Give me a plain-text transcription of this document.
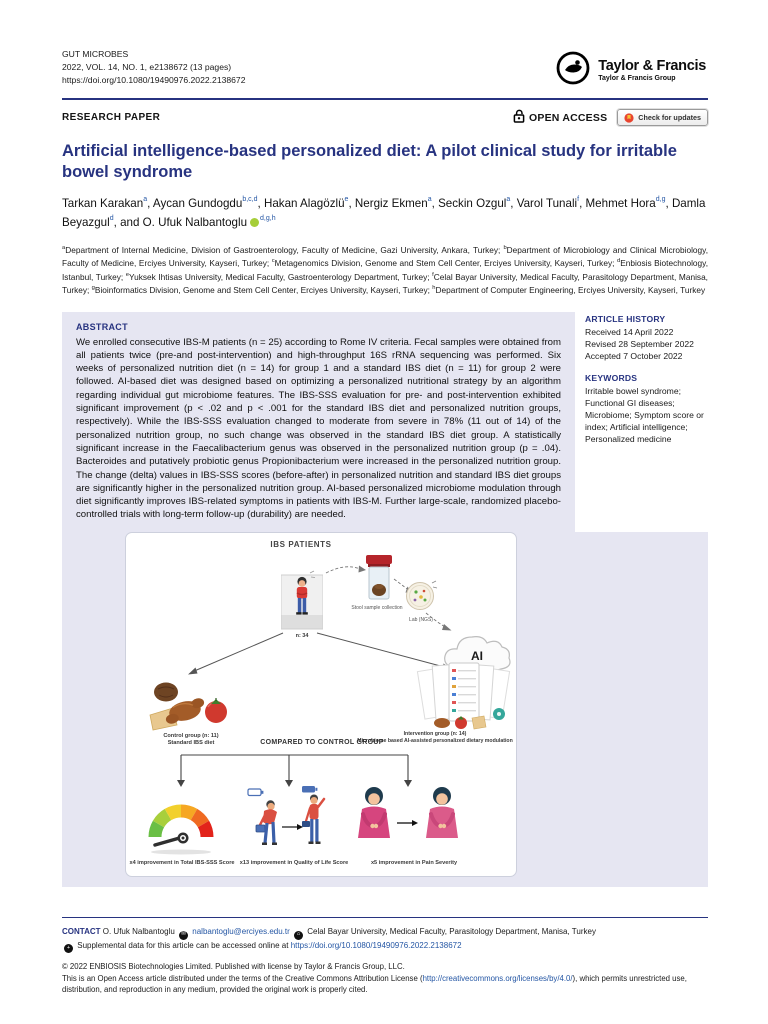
GUT MICROBES
2022, VOL. 14, NO. 1, e2138672 (13 pages)
https://doi.org/10.1080/19490976.2022.2138672
Taylor & Francis
Taylor & Francis Group
RESEARCH PAPER	OPEN ACCESS	Check for updates
Artificial intelligence-based personalized diet: A pilot clinical study for irritable bowel syndrome
Tarkan Karakan$^a$, Aycan Gundogdu$^{b,c,d}$, Hakan Alagözlü$^e$, Nergiz Ekmen$^a$, Seckin Ozgul$^a$, Varol Tunali$^f$, Mehmet Hora$^{d,g}$, Damla Beyazgul$^d$, and O. Ufuk Nalbantoglu $^{d,g,h}$
$^a$Department of Internal Medicine, Division of Gastroenterology, Faculty of Medicine, Gazi University, Ankara, Turkey; $^b$Department of Microbiology and Clinical Microbiology, Faculty of Medicine, Erciyes University, Kayseri, Turkey; $^c$Metagenomics Division, Genome and Stem Cell Center, Erciyes University, Kayseri, Turkey; $^d$Enbiosis Biotechnology, Istanbul, Turkey; $^e$Yuksek Ihtisas University, Medical Faculty, Gastroenterology Department, Turkey; $^f$Celal Bayar University, Medical Faculty, Parasitology Department, Manisa, Turkey; $^g$Bioinformatics Division, Genome and Stem Cell Center, Erciyes University, Kayseri, Turkey; $^h$Department of Computer Engineering, Erciyes University, Kayseri, Turkey
ABSTRACT
We enrolled consecutive IBS-M patients (n = 25) according to Rome IV criteria. Fecal samples were obtained from all patients twice (pre-and post-intervention) and high-throughput 16S rRNA sequencing was performed. Six weeks of personalized nutrition diet (n = 14) for group 1 and a standard IBS diet (n = 11) for group 2 were followed. AI-based diet was designed based on optimizing a personalized nutritional strategy by an algorithm regarding individual gut microbiome features. The IBS-SSS evaluation for pre- and post-intervention exhibited significant improvement (p < .02 and p < .001 for the standard IBS diet and personalized nutrition groups, respectively). While the IBS-SSS evaluation changed to moderate from severe in 78% (11 out of 14) of the personalized nutrition group, no such change was observed in the standard IBS diet group. A statistically significant increase in the Faecalibacterium genus was observed in the personalized nutrition group (p = .04). Bacteroides and putatively probiotic genus Propionibacterium were increased in the personalized nutrition group. The change (delta) values in IBS-SSS scores (before-after) in personalized nutrition and standard IBS diet groups are significantly higher in the personalized nutrition group. AI-based personalized microbiome modulation through diet significantly improves IBS-related symptoms in patients with IBS-M. Further large-scale, randomized placebo-controlled trials with long-term follow-up (durability) are needed.
ARTICLE HISTORY
Received 14 April 2022
Revised 28 September 2022
Accepted 7 October 2022
KEYWORDS
Irritable bowel syndrome; Functional GI diseases; Microbiome; Symptom score or index; Artificial intelligence; Personalized medicine
IBS PATIENTS
n: 34
Stool sample collection
Lab (NGS)
AI
Control group (n: 11)
Standard IBS diet
Intervention group (n: 14)
Microbiome based AI-assisted personalized dietary modulation
COMPARED TO CONTROL GROUP
x4 improvement in Total IBS-SSS Score x13 improvement in Quality of Life Score	x5 improvement in Pain Severity
CONTACT O. Ufuk Nalbantoglu ✉ nalbantoglu@erciyes.edu.tr ⌂ Celal Bayar University, Medical Faculty, Parasitology Department, Manisa, Turkey
+ Supplemental data for this article can be accessed online at https://doi.org/10.1080/19490976.2022.2138672
© 2022 ENBIOSIS Biotechnologies Limited. Published with license by Taylor & Francis Group, LLC.
This is an Open Access article distributed under the terms of the Creative Commons Attribution License (http://creativecommons.org/licenses/by/4.0/), which permits unrestricted use, distribution, and reproduction in any medium, provided the original work is properly cited.
